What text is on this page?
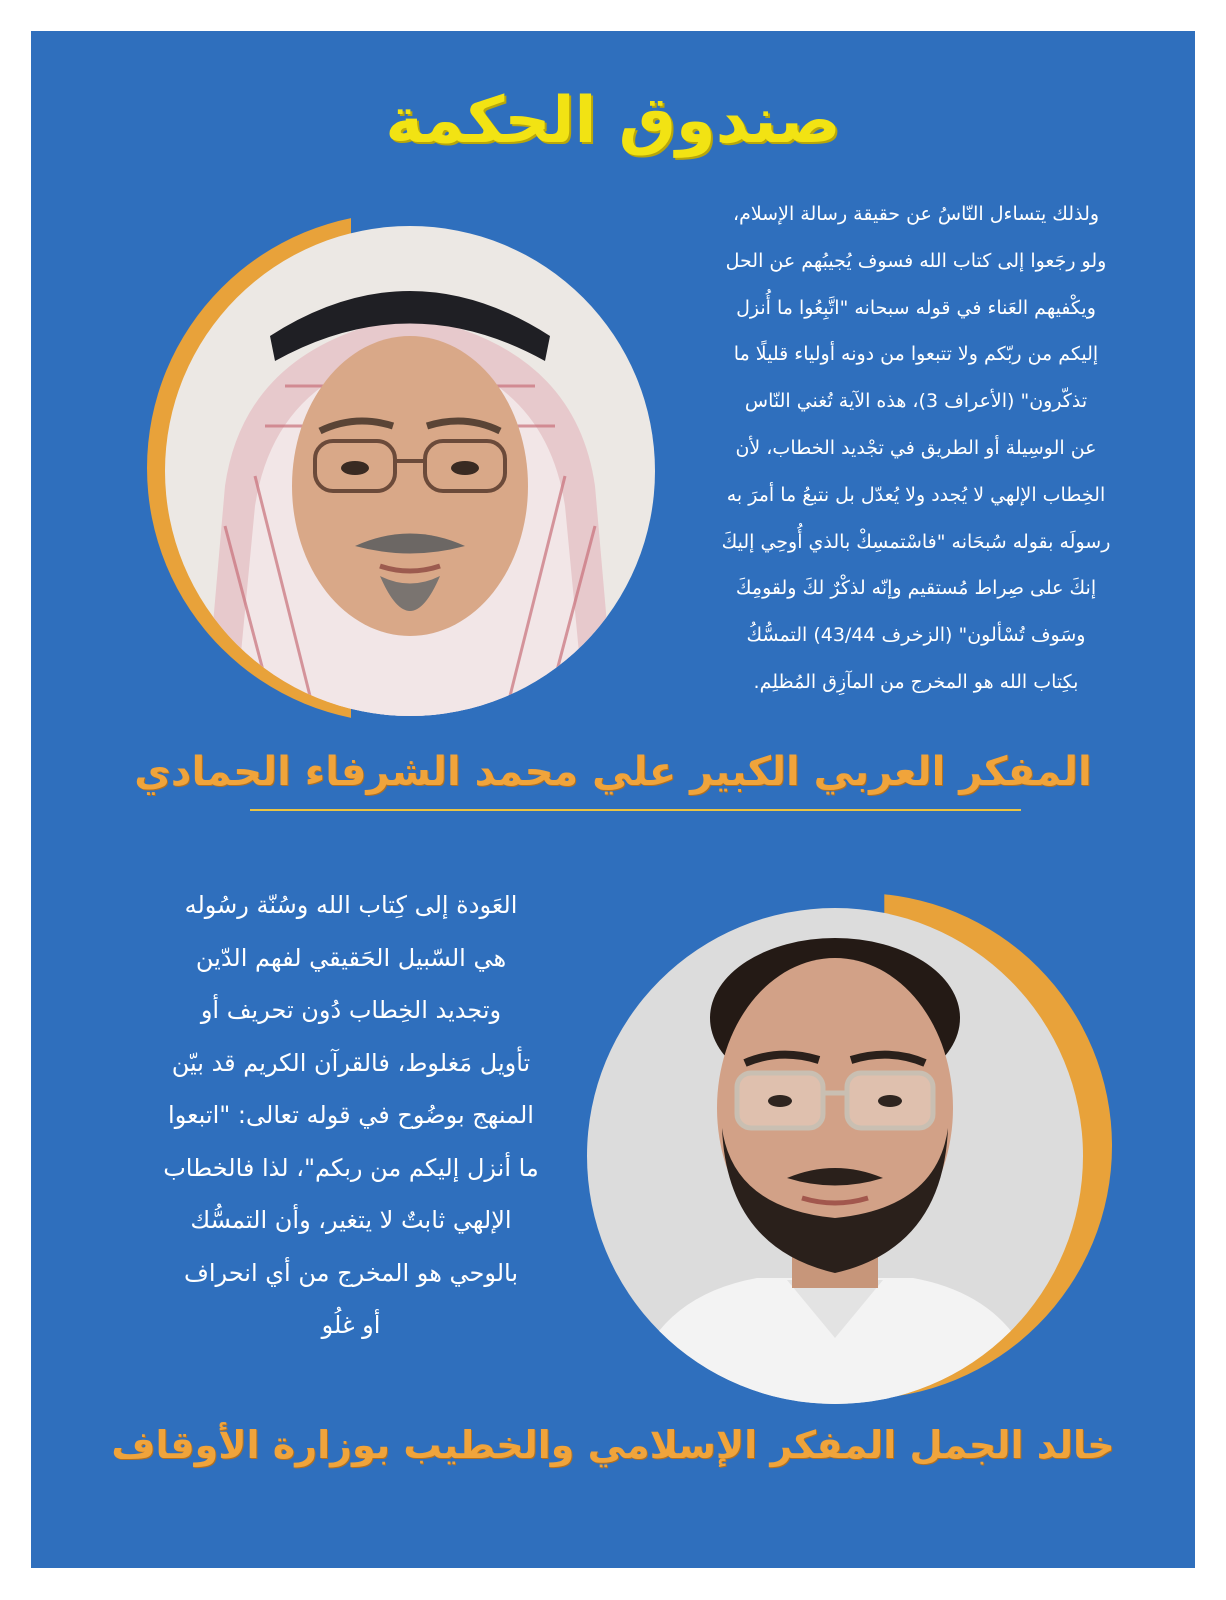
صندوق الحكمة
ولذلك يتساءل النّاسُ عن حقيقة رسالة الإسلام،
ولو رجَعوا إلى كتاب الله فسوف يُجيبُهم عن الحل
ويكْفيهم العَناء في قوله سبحانه "اتَّبِعُوا ما أُنزل
إليكم من ربّكم ولا تتبعوا من دونه أولياء قليلًا ما
تذكّرون" (الأعراف 3)، هذه الآية تُغني النّاس
عن الوسِيلة أو الطريق في تجْديد الخطاب، لأن
الخِطاب الإلهي لا يُجدد ولا يُعدّل بل نتبعُ ما أمرَ به
رسولَه بقوله سُبحَانه "فاسْتمسِكْ بالذي أُوحِي إليكَ
إنكَ على صِراط مُستقيم وإنّه لذكْرٌ لكَ ولقومِكَ
وسَوف تُسْألون" (الزخرف 43/44) التمسُّكُ
بكِتاب الله هو المخرج من المآزِق المُظلِم.
المفكر العربي الكبير علي محمد الشرفاء الحمادي
العَودة إلى كِتاب الله وسُنّة رسُوله
هي السّبيل الحَقيقي لفهم الدّين
وتجديد الخِطاب دُون تحريف أو
تأويل مَغلوط، فالقرآن الكريم قد بيّن
المنهج بوضُوح في قوله تعالى: "اتبعوا
ما أنزل إليكم من ربكم"، لذا فالخطاب
الإلهي ثابتٌ لا يتغير، وأن التمسُّك
بالوحي هو المخرج من أي انحراف
أو غلُو
خالد الجمل المفكر الإسلامي والخطيب بوزارة الأوقاف
